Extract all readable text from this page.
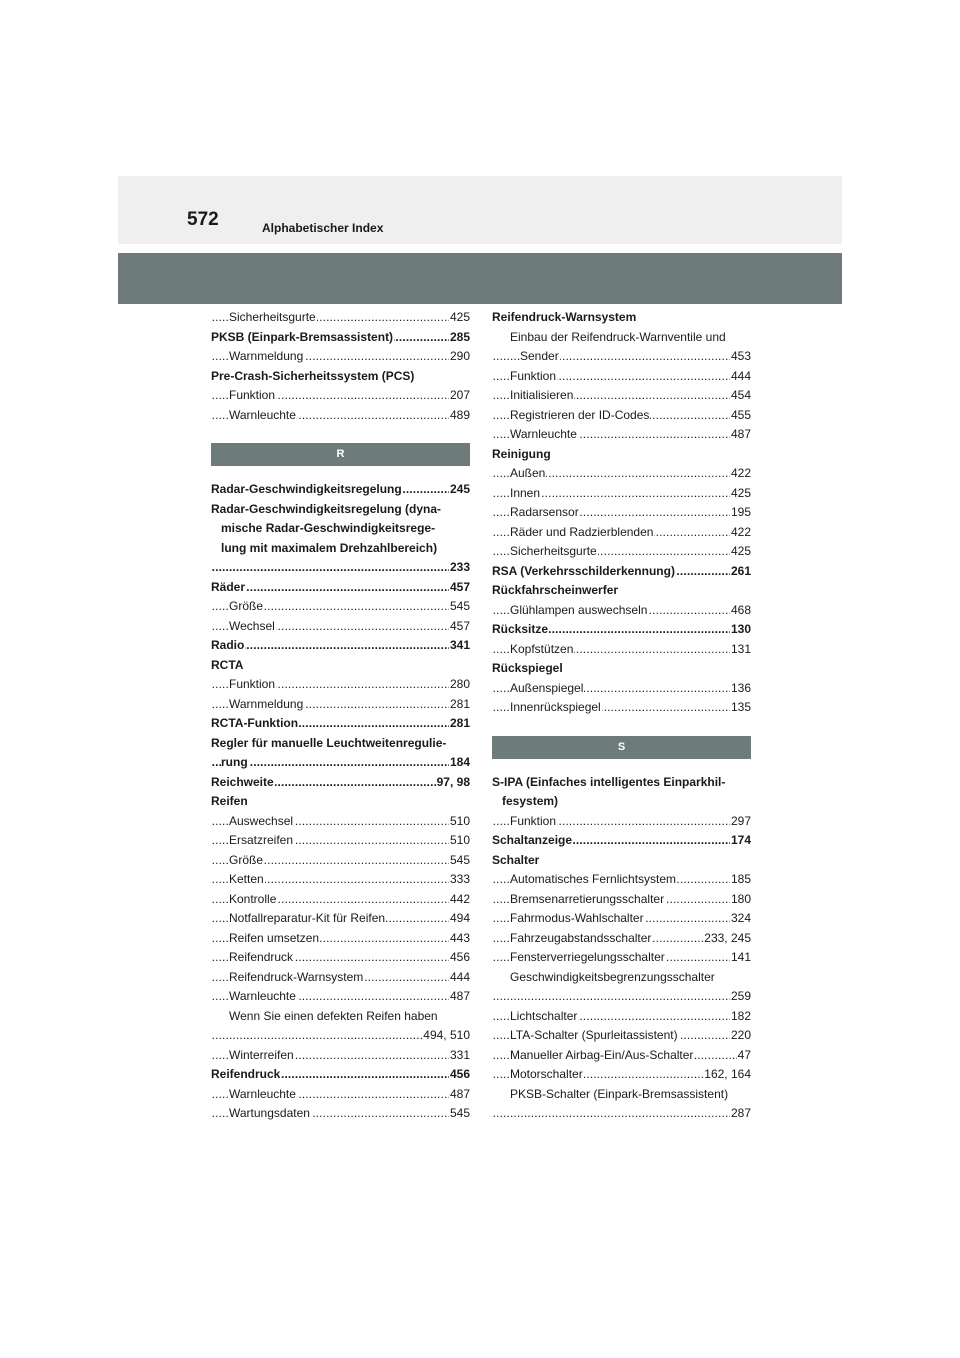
572	Alphabetischer Index
. . . Sicherheitsgurte	425
. . . PKSB (Einpark-Bremsassistent)	285
. . . Warnmeldung	290
Pre-Crash-Sicherheitssystem (PCS)
. . . Funktion	207
. . . Warnleuchte	489
R
. . . Radar-Geschwindigkeitsregelung	245
Radar-Geschwindigkeitsregelung (dyna-
mische Radar-Geschwindigkeitsrege-
lung mit maximalem Drehzahlbereich)
. . . 233
. . . Räder	457
. . . Größe	545
. . . Wechsel	457
. . . Radio	341
RCTA
. . . Funktion	280
. . . Warnmeldung	281
. . . RCTA-Funktion	281
Regler für manuelle Leuchtweitenregulie-
. . . rung	184
. . . Reichweite	97, 98
Reifen
. . . Auswechsel	510
. . . Ersatzreifen	510
. . . Größe	545
. . . Ketten	333
. . . Kontrolle	442
. . . Notfallreparatur-Kit für Reifen	494
. . . Reifen umsetzen	443
. . . Reifendruck	456
. . . Reifendruck-Warnsystem	444
. . . Warnleuchte	487
Wenn Sie einen defekten Reifen haben
. . . 494, 510
. . . Winterreifen	331
. . . Reifendruck	456
. . . Warnleuchte	487
. . . Wartungsdaten	545
Reifendruck-Warnsystem
Einbau der Reifendruck-Warnventile und
. . . Sender	453
. . . Funktion	444
. . . Initialisieren	454
. . . Registrieren der ID-Codes	455
. . . Warnleuchte	487
Reinigung
. . . Außen	422
. . . Innen	425
. . . Radarsensor	195
. . . Räder und Radzierblenden	422
. . . Sicherheitsgurte	425
. . . RSA (Verkehrsschilderkennung)	261
Rückfahrscheinwerfer
. . . Glühlampen auswechseln	468
. . . Rücksitze	130
. . . Kopfstützen	131
Rückspiegel
. . . Außenspiegel	136
. . . Innenrückspiegel	135
S
S-IPA (Einfaches intelligentes Einparkhil-
fesystem)
. . . Funktion	297
. . . Schaltanzeige	174
Schalter
. . . Automatisches Fernlichtsystem	185
. . . Bremsenarretierungsschalter	180
. . . Fahrmodus-Wahlschalter	324
. . . Fahrzeugabstandsschalter	233, 245
. . . Fensterverriegelungsschalter	141
Geschwindigkeitsbegrenzungsschalter
. . . 259
. . . Lichtschalter	182
. . . LTA-Schalter (Spurleitassistent)	220
. . . Manueller Airbag-Ein/Aus-Schalter	47
. . . Motorschalter	162, 164
PKSB-Schalter (Einpark-Bremsassistent)
. . . 287
